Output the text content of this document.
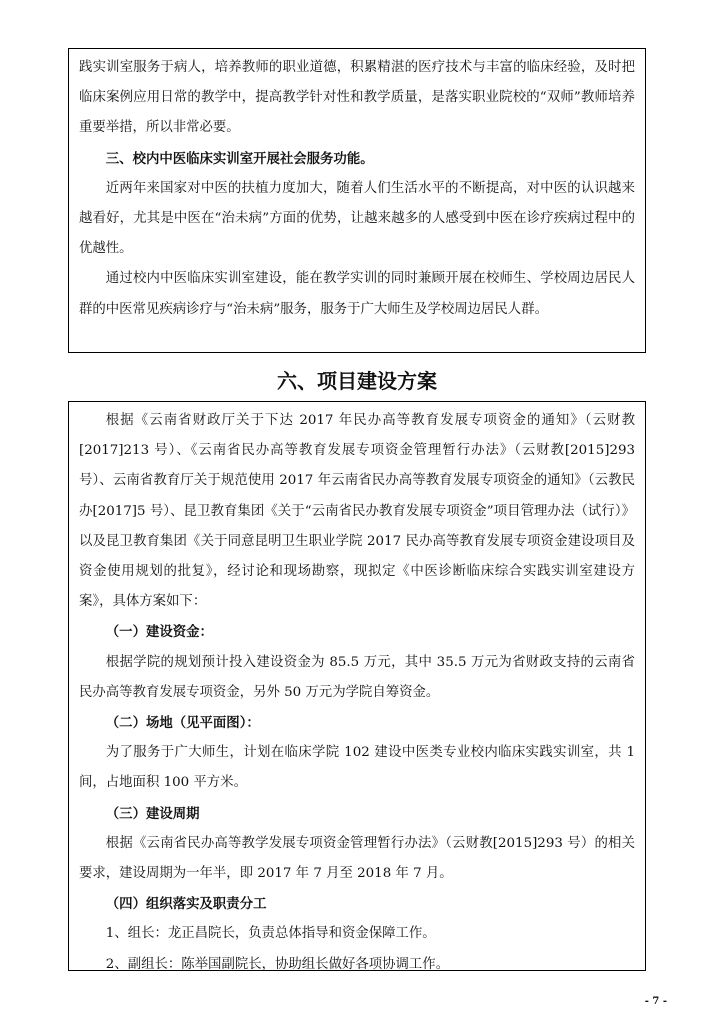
践实训室服务于病人，培养教师的职业道德，积累精湛的医疗技术与丰富的临床经验，及时把临床案例应用日常的教学中，提高教学针对性和教学质量，是落实职业院校的“双师”教师培养重要举措，所以非常必要。

三、校内中医临床实训室开展社会服务功能。

近两年来国家对中医的扶植力度加大，随着人们生活水平的不断提高，对中医的认识越来越看好，尤其是中医在“治未病”方面的优势，让越来越多的人感受到中医在诊疗疾病过程中的优越性。

通过校内中医临床实训室建设，能在教学实训的同时兼顾开展在校师生、学校周边居民人群的中医常见疾病诊疗与“治未病”服务，服务于广大师生及学校周边居民人群。

六、项目建设方案

根据《云南省财政厅关于下达 2017 年民办高等教育发展专项资金的通知》（云财教[2017]213 号）、《云南省民办高等教育发展专项资金管理暂行办法》（云财教[2015]293 号）、云南省教育厅关于规范使用 2017 年云南省民办高等教育发展专项资金的通知》（云教民办[2017]5 号）、昆卫教育集团《关于“云南省民办教育发展专项资金”项目管理办法（试行）》以及昆卫教育集团《关于同意昆明卫生职业学院 2017 民办高等教育发展专项资金建设项目及资金使用规划的批复》，经讨论和现场勘察，现拟定《中医诊断临床综合实践实训室建设方案》，具体方案如下：

（一）建设资金：

根据学院的规划预计投入建设资金为 85.5 万元，其中 35.5 万元为省财政支持的云南省民办高等教育发展专项资金，另外 50 万元为学院自筹资金。

（二）场地（见平面图）：

为了服务于广大师生，计划在临床学院 102 建设中医类专业校内临床实践实训室，共 1 间，占地面积 100 平方米。

（三）建设周期

根据《云南省民办高等教学发展专项资金管理暂行办法》（云财教[2015]293 号）的相关要求，建设周期为一年半，即 2017 年 7 月至 2018 年 7 月。

（四）组织落实及职责分工

1、组长：龙正昌院长，负责总体指导和资金保障工作。

2、副组长：陈举国副院长，协助组长做好各项协调工作。

- 7 -
